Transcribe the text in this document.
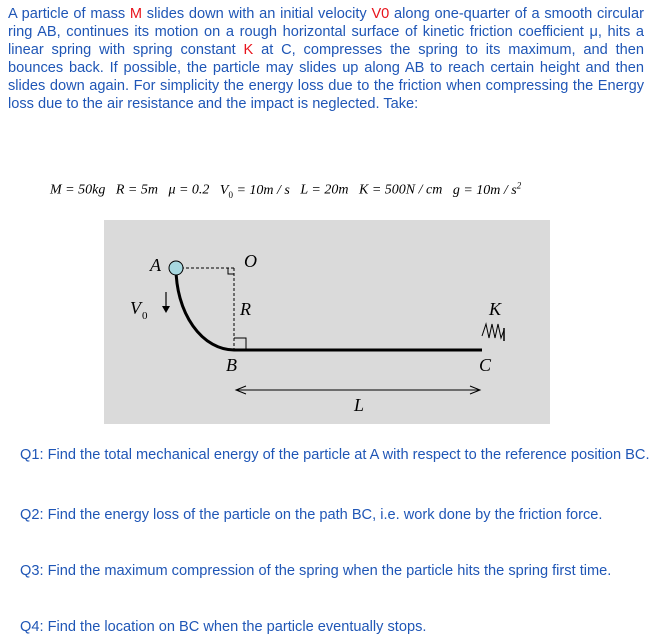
A particle of mass M slides down with an initial velocity V0 along one-quarter of a smooth circular ring AB, continues its motion on a rough horizontal surface of kinetic friction coefficient μ, hits a linear spring with spring constant K at C, compresses the spring to its maximum, and then bounces back. If possible, the particle may slides up along AB to reach certain height and then slides down again. For simplicity the energy loss due to the friction when compressing the Energy loss due to the air resistance and the impact is neglected. Take:
M = 50kg R = 5m μ = 0.2 $V_0 = 10m / s$ L = 20m K = 500N / cm $g = 10m / s^2$
A	O
R
B	C
K
L
V 0
Q1: Find the total mechanical energy of the particle at A with respect to the reference position BC.
Q2: Find the energy loss of the particle on the path BC, i.e. work done by the friction force.
Q3: Find the maximum compression of the spring when the particle hits the spring first time.
Q4: Find the location on BC when the particle eventually stops.
